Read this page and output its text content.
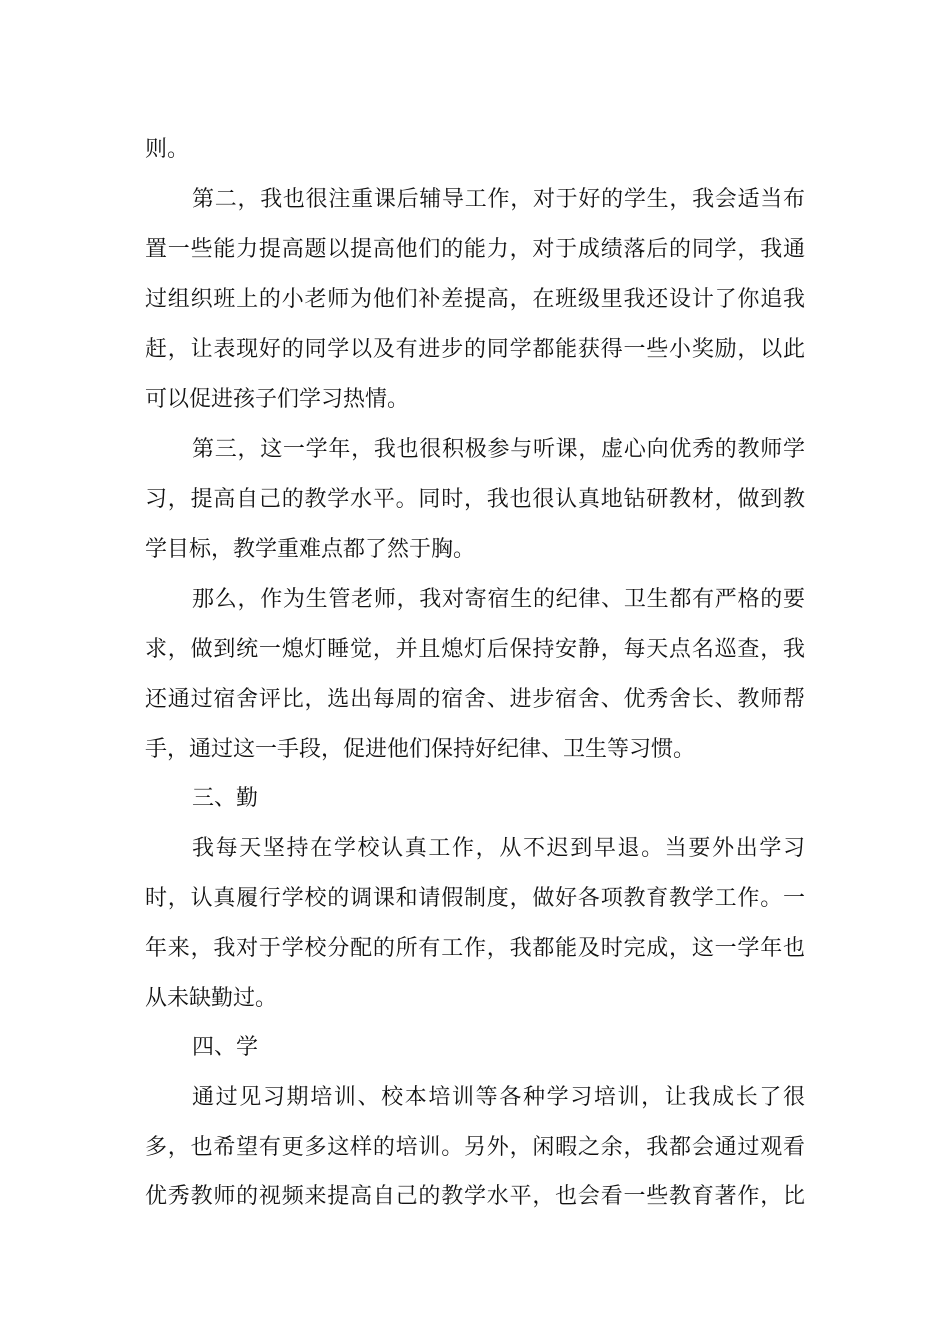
则。
第二，我也很注重课后辅导工作，对于好的学生，我会适当布
置一些能力提高题以提高他们的能力，对于成绩落后的同学，我通
过组织班上的小老师为他们补差提高，在班级里我还设计了你追我
赶，让表现好的同学以及有进步的同学都能获得一些小奖励，以此
可以促进孩子们学习热情。
第三，这一学年，我也很积极参与听课，虚心向优秀的教师学
习，提高自己的教学水平。同时，我也很认真地钻研教材，做到教
学目标，教学重难点都了然于胸。
那么，作为生管老师，我对寄宿生的纪律、卫生都有严格的要
求，做到统一熄灯睡觉，并且熄灯后保持安静，每天点名巡查，我
还通过宿舍评比，选出每周的宿舍、进步宿舍、优秀舍长、教师帮
手，通过这一手段，促进他们保持好纪律、卫生等习惯。
三、勤
我每天坚持在学校认真工作，从不迟到早退。当要外出学习
时，认真履行学校的调课和请假制度，做好各项教育教学工作。一
年来，我对于学校分配的所有工作，我都能及时完成，这一学年也
从未缺勤过。
四、学
通过见习期培训、校本培训等各种学习培训，让我成长了很
多，也希望有更多这样的培训。另外，闲暇之余，我都会通过观看
优秀教师的视频来提高自己的教学水平，也会看一些教育著作，比
